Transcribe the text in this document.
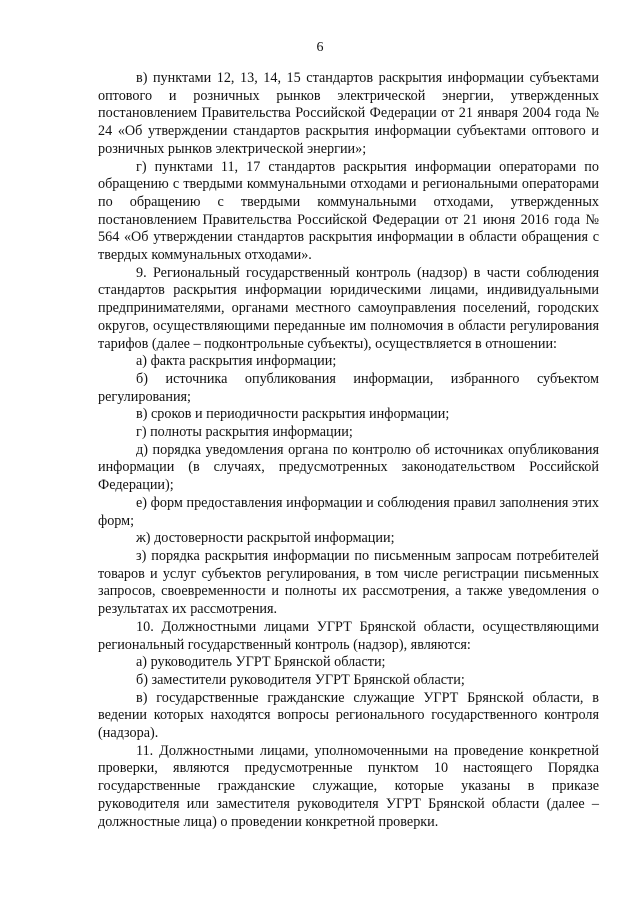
6

в) пунктами 12, 13, 14, 15 стандартов раскрытия информации субъектами оптового и розничных рынков электрической энергии, утвержденных постановлением Правительства Российской Федерации от 21 января 2004 года № 24 «Об утверждении стандартов раскрытия информации субъектами оптового и розничных рынков электрической энергии»;

г) пунктами 11, 17 стандартов раскрытия информации операторами по обращению с твердыми коммунальными отходами и региональными операторами по обращению с твердыми коммунальными отходами, утвержденных постановлением Правительства Российской Федерации от 21 июня 2016 года № 564 «Об утверждении стандартов раскрытия информации в области обращения с твердых коммунальных отходами».

9. Региональный государственный контроль (надзор) в части соблюдения стандартов раскрытия информации юридическими лицами, индивидуальными предпринимателями, органами местного самоуправления поселений, городских округов, осуществляющими переданные им полномочия в области регулирования тарифов (далее – подконтрольные субъекты), осуществляется в отношении:

а) факта раскрытия информации;

б) источника опубликования информации, избранного субъектом регулирования;

в) сроков и периодичности раскрытия информации;

г) полноты раскрытия информации;

д) порядка уведомления органа по контролю об источниках опубликования информации (в случаях, предусмотренных законодательством Российской Федерации);

е) форм предоставления информации и соблюдения правил заполнения этих форм;

ж) достоверности раскрытой информации;

з) порядка раскрытия информации по письменным запросам потребителей товаров и услуг субъектов регулирования, в том числе регистрации письменных запросов, своевременности и полноты их рассмотрения, а также уведомления о результатах их рассмотрения.

10. Должностными лицами УГРТ Брянской области, осуществляющими региональный государственный контроль (надзор), являются:

а) руководитель УГРТ Брянской области;

б) заместители руководителя УГРТ Брянской области;

в) государственные гражданские служащие УГРТ Брянской области, в ведении которых находятся вопросы регионального государственного контроля (надзора).

11. Должностными лицами, уполномоченными на проведение конкретной проверки, являются предусмотренные пунктом 10 настоящего Порядка государственные гражданские служащие, которые указаны в приказе руководителя или заместителя руководителя УГРТ Брянской области (далее – должностные лица) о проведении конкретной проверки.
